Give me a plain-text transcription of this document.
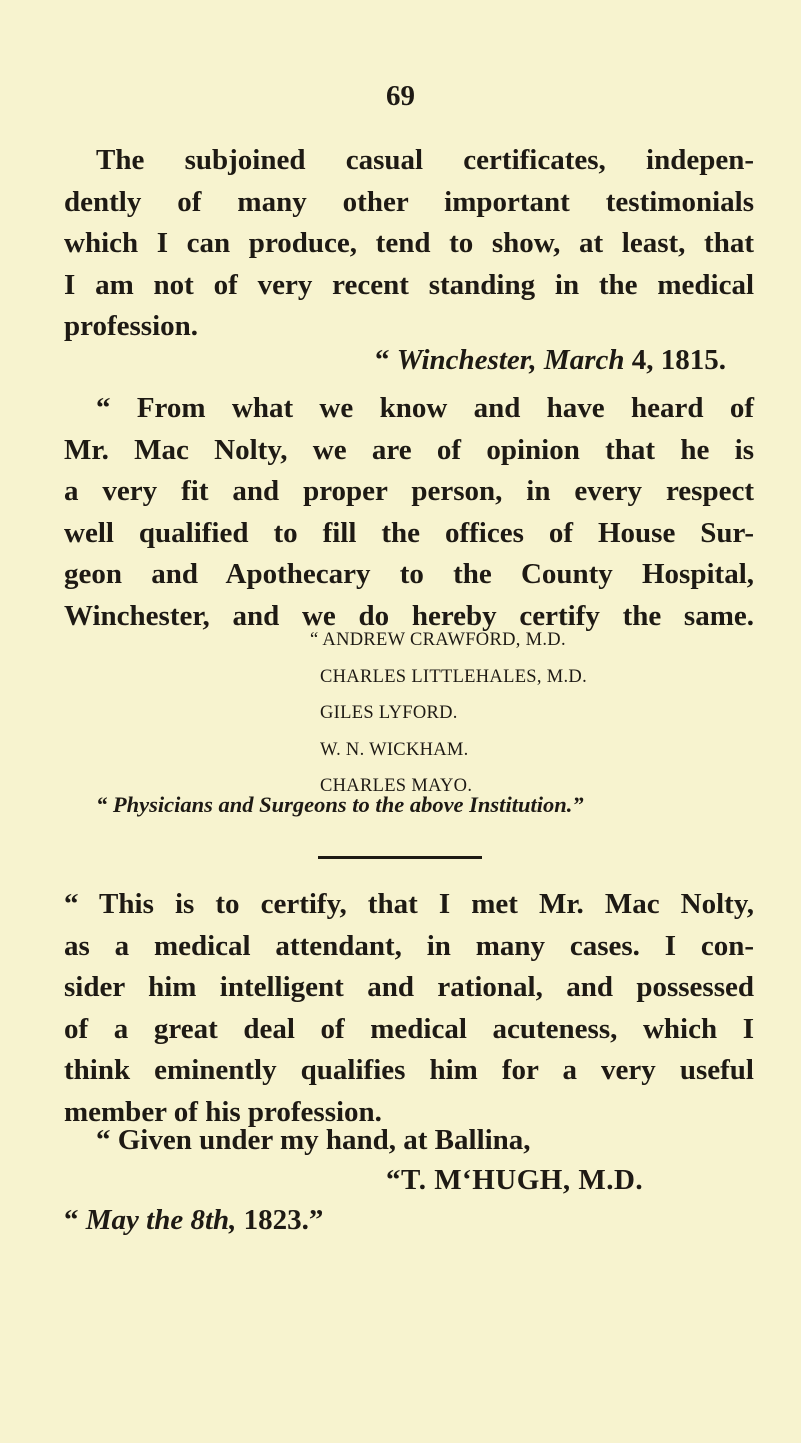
69
The subjoined casual certificates, indepen-
dently of many other important testimonials
which I can produce, tend to show, at least, that
I am not of very recent standing in the medical
profession.
“ Winchester, March 4, 1815.
“ From what we know and have heard of
Mr. Mac Nolty, we are of opinion that he is
a very fit and proper person, in every respect
well qualified to fill the offices of House Sur-
geon and Apothecary to the County Hospital,
Winchester, and we do hereby certify the same.
“ ANDREW CRAWFORD, M.D.
CHARLES LITTLEHALES, M.D.
GILES LYFORD.
W. N. WICKHAM.
CHARLES MAYO.
“ Physicians and Surgeons to the above Institution.”
“ This is to certify, that I met Mr. Mac Nolty,
as a medical attendant, in many cases. I con-
sider him intelligent and rational, and possessed
of a great deal of medical acuteness, which I
think eminently qualifies him for a very useful
member of his profession.
“ Given under my hand, at Ballina,
“T. M‘HUGH, M.D.
“ May the 8th, 1823.”
